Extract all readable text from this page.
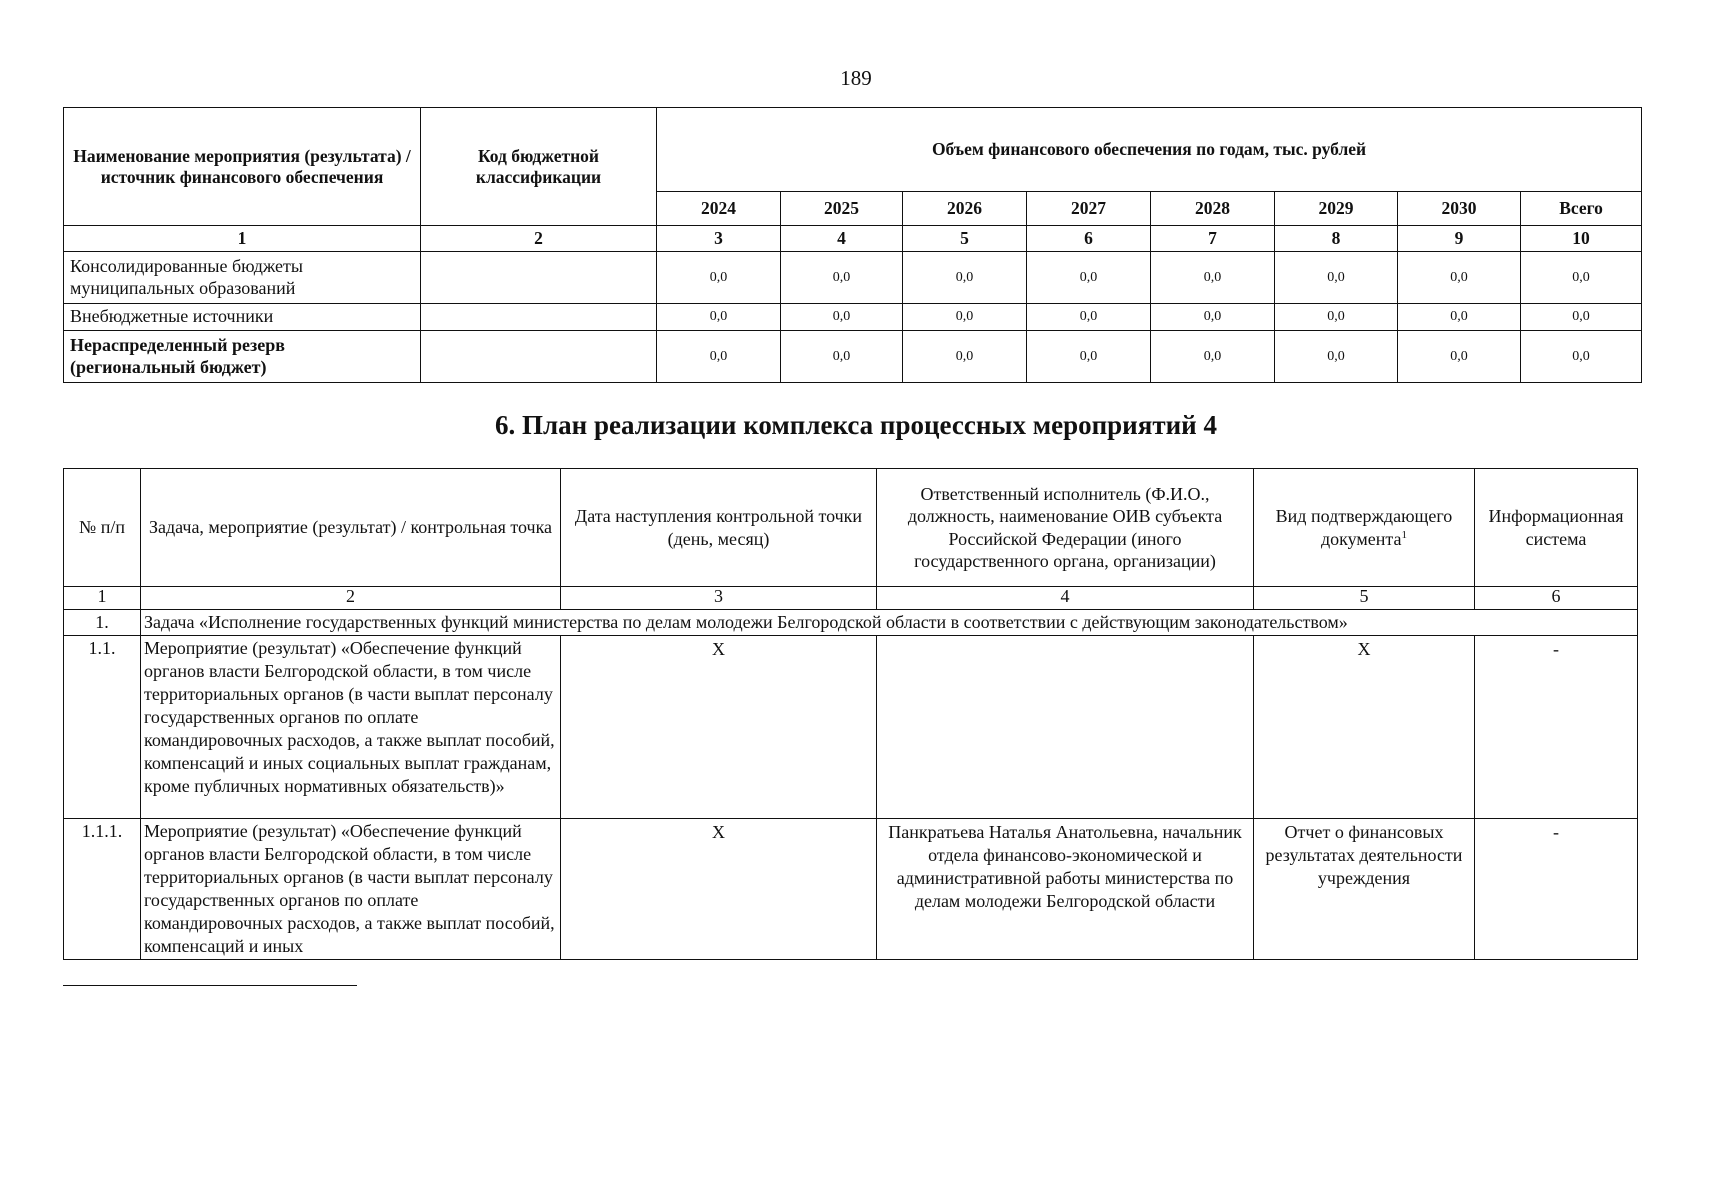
189
Наименование мероприятия (результата) /источник финансового обеспечения	Код бюджетной классификации	Объем финансового обеспечения по годам, тыс. рублей							
		2024	2025	2026	2027	2028	2029	2030	Всего
1	2	3	4	5	6	7	8	9	10
Консолидированные бюджеты муниципальных образований		0,0	0,0	0,0	0,0	0,0	0,0	0,0	0,0
Внебюджетные источники		0,0	0,0	0,0	0,0	0,0	0,0	0,0	0,0
Нераспределенный резерв (региональный бюджет)		0,0	0,0	0,0	0,0	0,0	0,0	0,0	0,0
6. План реализации комплекса процессных мероприятий 4
№ п/п	Задача, мероприятие (результат) / контрольная точка	Дата наступления контрольной точки (день, месяц)	Ответственный исполнитель (Ф.И.О., должность, наименование ОИВ субъекта Российской Федерации (иного государственного органа, организации)	Вид подтверждающего документа$^1$	Информационная система
1	2	3	4	5	6
1.	Задача «Исполнение государственных функций министерства по делам молодежи Белгородской области в соответствии с действующим законодательством»				
1.1.	Мероприятие (результат) «Обеспечение функций органов власти Белгородской области, в том числе территориальных органов (в части выплат персоналу государственных органов по оплате командировочных расходов, а также выплат пособий, компенсаций и иных социальных выплат гражданам, кроме публичных нормативных обязательств)»	Х		Х	-
1.1.1.	Мероприятие (результат) «Обеспечение функций органов власти Белгородской области, в том числе территориальных органов (в части выплат персоналу государственных органов по оплате командировочных расходов, а также выплат пособий, компенсаций и иных	Х	Панкратьева Наталья Анатольевна, начальник отдела финансово-экономической и административной работы министерства по делам молодежи Белгородской области	Отчет о финансовых результатах деятельности учреждения	-
